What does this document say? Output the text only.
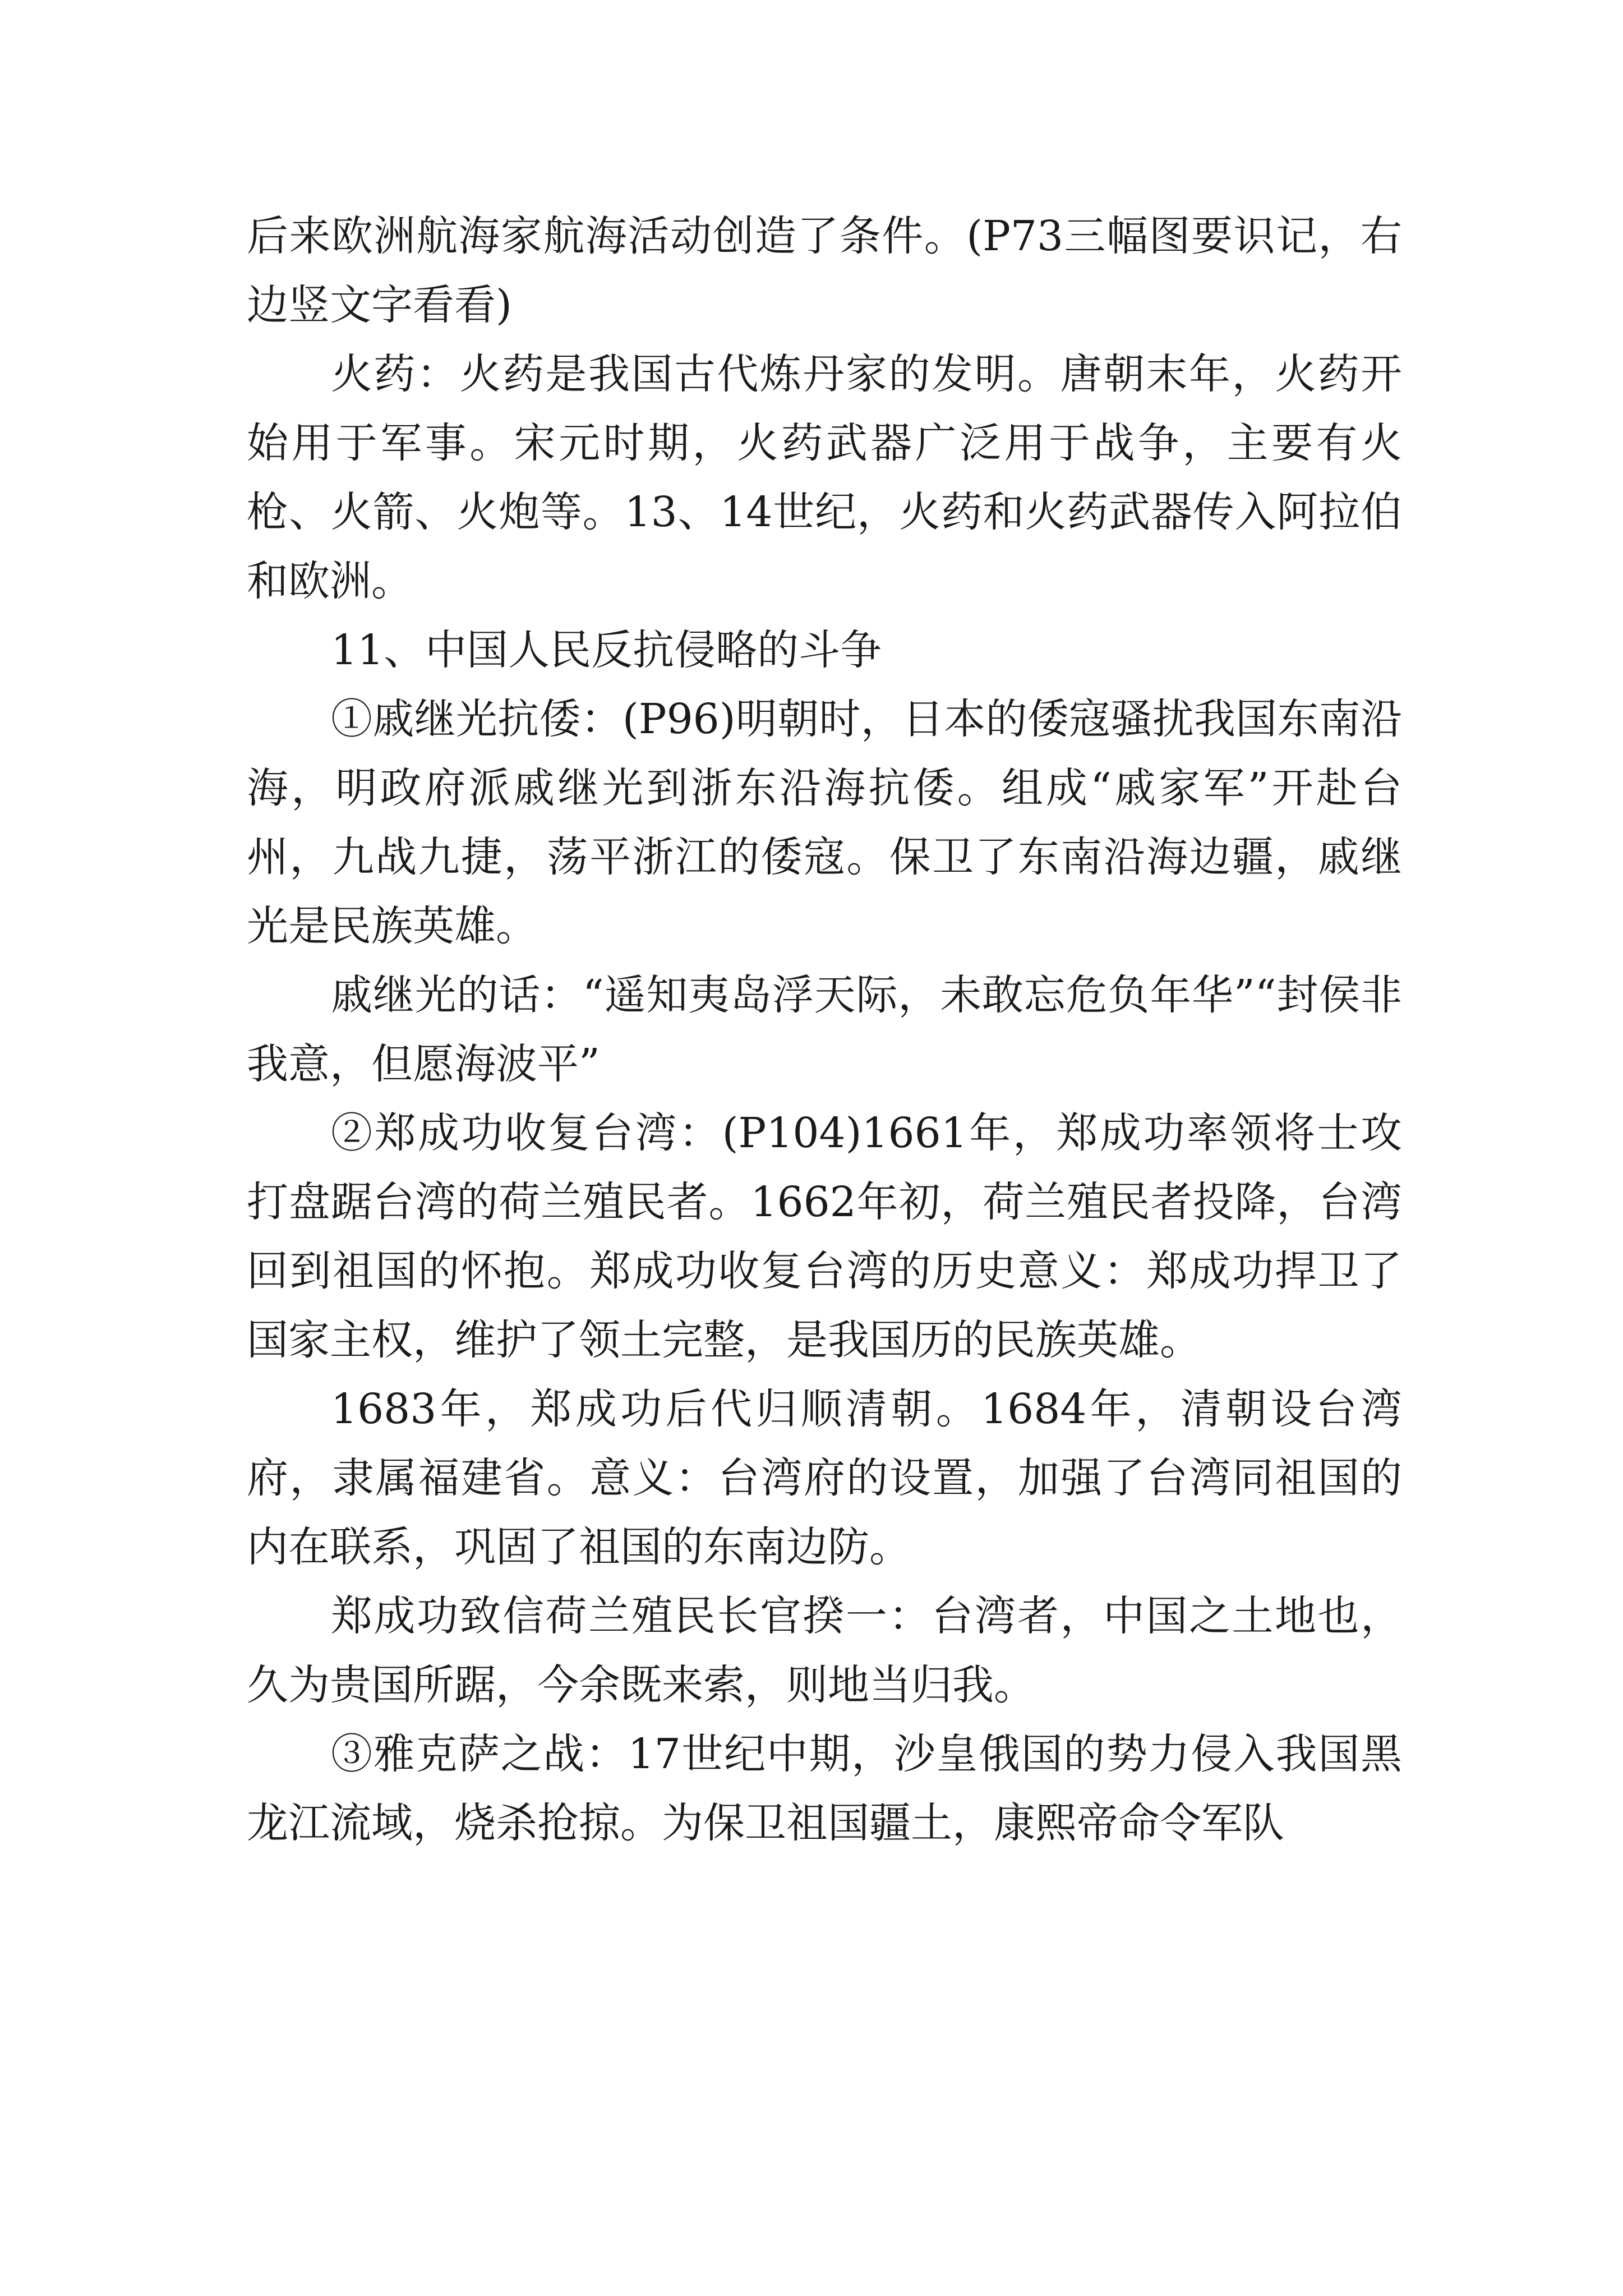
后来欧洲航海家航海活动创造了条件。(P73三幅图要识记，右边竖文字看看)

火药：火药是我国古代炼丹家的发明。唐朝末年，火药开始用于军事。宋元时期，火药武器广泛用于战争，主要有火枪、火箭、火炮等。13、14世纪，火药和火药武器传入阿拉伯和欧洲。

11、中国人民反抗侵略的斗争

①戚继光抗倭：(P96)明朝时，日本的倭寇骚扰我国东南沿海，明政府派戚继光到浙东沿海抗倭。组成“戚家军”开赴台州，九战九捷，荡平浙江的倭寇。保卫了东南沿海边疆，戚继光是民族英雄。

戚继光的话：“遥知夷岛浮天际，未敢忘危负年华”“封侯非我意，但愿海波平”

②郑成功收复台湾：(P104)1661年，郑成功率领将士攻打盘踞台湾的荷兰殖民者。1662年初，荷兰殖民者投降，台湾回到祖国的怀抱。郑成功收复台湾的历史意义：郑成功捍卫了国家主权，维护了领土完整，是我国历的民族英雄。

1683年，郑成功后代归顺清朝。1684年，清朝设台湾府，隶属福建省。意义：台湾府的设置，加强了台湾同祖国的内在联系，巩固了祖国的东南边防。

郑成功致信荷兰殖民长官揆一：台湾者，中国之土地也，久为贵国所踞，今余既来索，则地当归我。

③雅克萨之战：17世纪中期，沙皇俄国的势力侵入我国黑龙江流域，烧杀抢掠。为保卫祖国疆土，康熙帝命令军队
